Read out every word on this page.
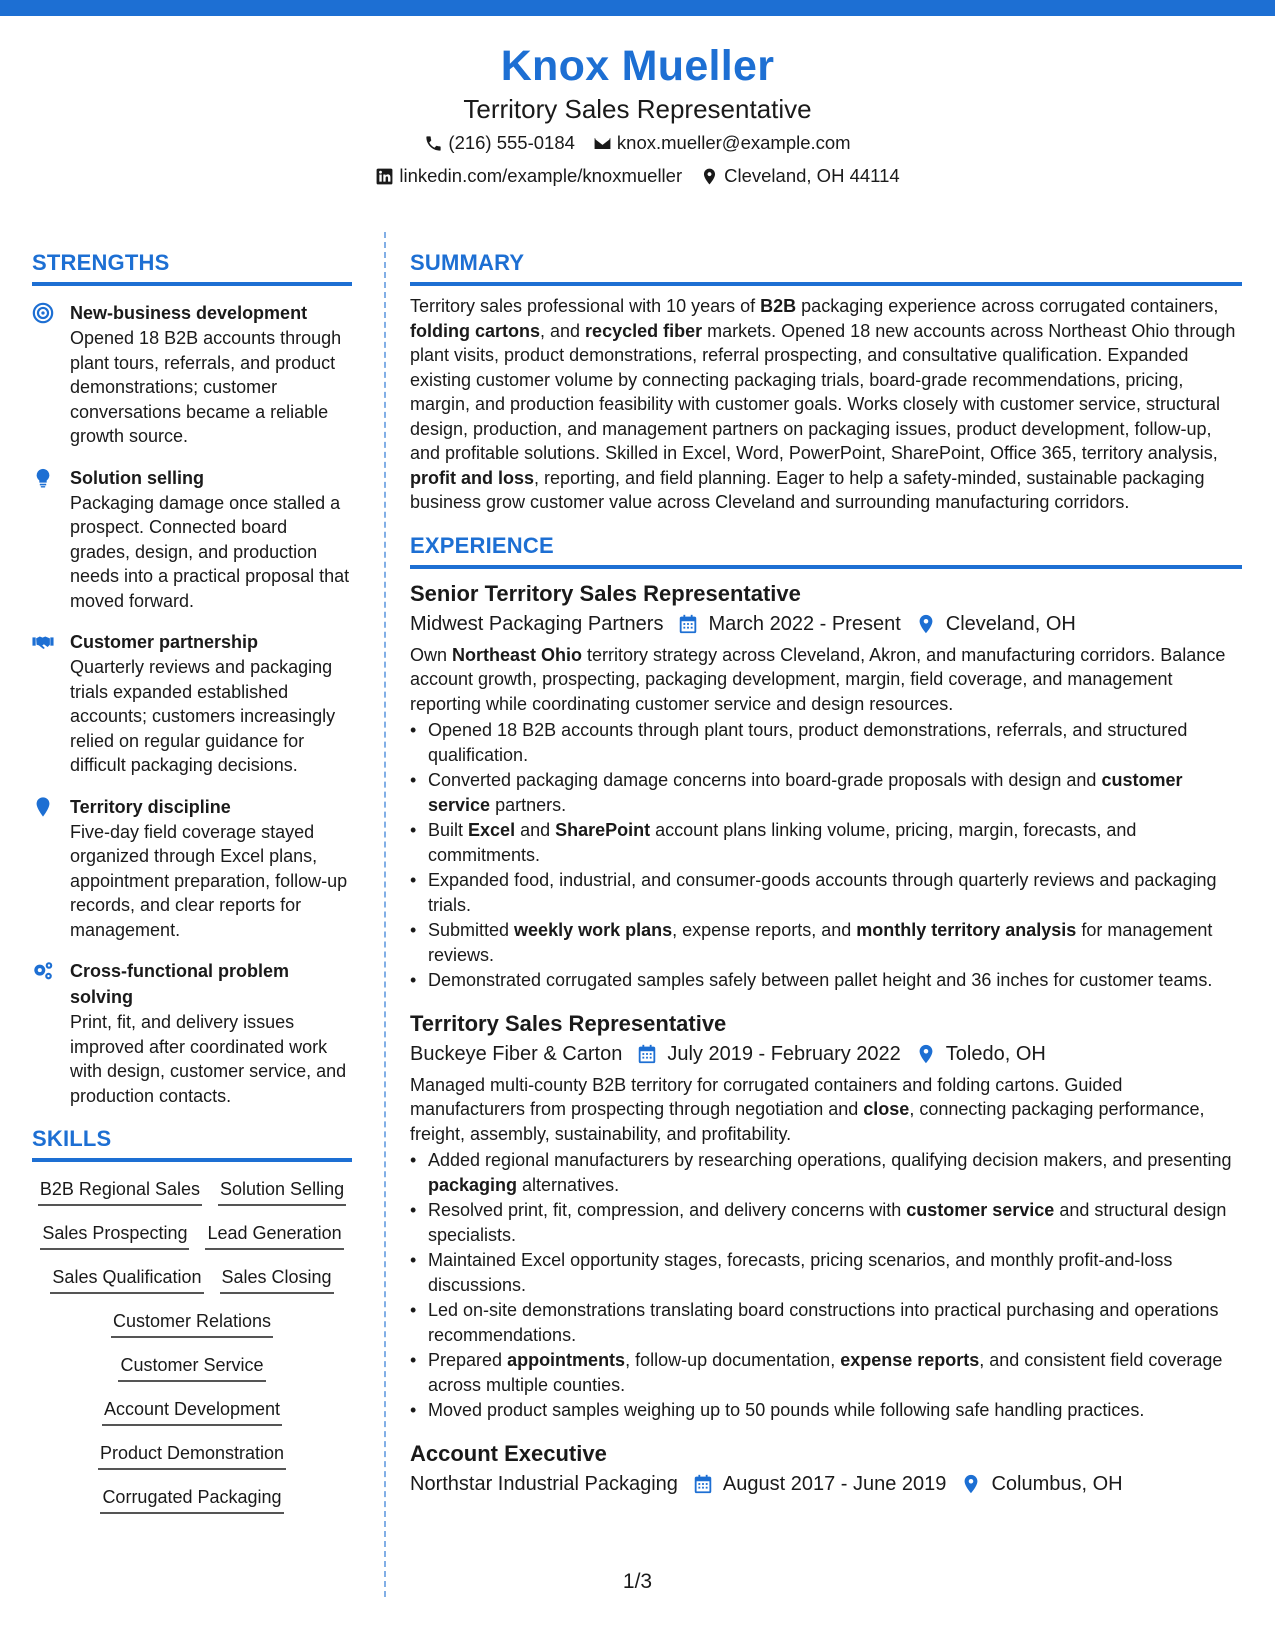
Knox Mueller
Territory Sales Representative
(216) 555-0184 knox.mueller@example.com
linkedin.com/example/knoxmueller Cleveland, OH 44114
STRENGTHS
New-business development
Opened 18 B2B accounts through plant tours, referrals, and product demonstrations; customer conversations became a reliable growth source.
Solution selling
Packaging damage once stalled a prospect. Connected board grades, design, and production needs into a practical proposal that moved forward.
Customer partnership
Quarterly reviews and packaging trials expanded established accounts; customers increasingly relied on regular guidance for difficult packaging decisions.
Territory discipline
Five-day field coverage stayed organized through Excel plans, appointment preparation, follow-up records, and clear reports for management.
Cross-functional problem solving
Print, fit, and delivery issues improved after coordinated work with design, customer service, and production contacts.
SKILLS
B2B Regional Sales Solution Selling
Sales Prospecting Lead Generation
Sales Qualification Sales Closing
Customer Relations
Customer Service
Account Development
Product Demonstration
Corrugated Packaging
SUMMARY
Territory sales professional with 10 years of B2B packaging experience across corrugated containers, folding cartons, and recycled fiber markets. Opened 18 new accounts across Northeast Ohio through plant visits, product demonstrations, referral prospecting, and consultative qualification. Expanded existing customer volume by connecting packaging trials, board-grade recommendations, pricing, margin, and production feasibility with customer goals. Works closely with customer service, structural design, production, and management partners on packaging issues, product development, follow-up, and profitable solutions. Skilled in Excel, Word, PowerPoint, SharePoint, Office 365, territory analysis, profit and loss, reporting, and field planning. Eager to help a safety-minded, sustainable packaging business grow customer value across Cleveland and surrounding manufacturing corridors.
EXPERIENCE
Senior Territory Sales Representative
Midwest Packaging Partners March 2022 - Present Cleveland, OH
Own Northeast Ohio territory strategy across Cleveland, Akron, and manufacturing corridors. Balance account growth, prospecting, packaging development, margin, field coverage, and management reporting while coordinating customer service and design resources.
• Opened 18 B2B accounts through plant tours, product demonstrations, referrals, and structured qualification.
• Converted packaging damage concerns into board-grade proposals with design and customer service partners.
• Built Excel and SharePoint account plans linking volume, pricing, margin, forecasts, and commitments.
• Expanded food, industrial, and consumer-goods accounts through quarterly reviews and packaging trials.
• Submitted weekly work plans, expense reports, and monthly territory analysis for management reviews.
• Demonstrated corrugated samples safely between pallet height and 36 inches for customer teams.
Territory Sales Representative
Buckeye Fiber & Carton July 2019 - February 2022 Toledo, OH
Managed multi-county B2B territory for corrugated containers and folding cartons. Guided manufacturers from prospecting through negotiation and close, connecting packaging performance, freight, assembly, sustainability, and profitability.
• Added regional manufacturers by researching operations, qualifying decision makers, and presenting packaging alternatives.
• Resolved print, fit, compression, and delivery concerns with customer service and structural design specialists.
• Maintained Excel opportunity stages, forecasts, pricing scenarios, and monthly profit-and-loss discussions.
• Led on-site demonstrations translating board constructions into practical purchasing and operations recommendations.
• Prepared appointments, follow-up documentation, expense reports, and consistent field coverage across multiple counties.
• Moved product samples weighing up to 50 pounds while following safe handling practices.
Account Executive
Northstar Industrial Packaging August 2017 - June 2019 Columbus, OH
1/3
